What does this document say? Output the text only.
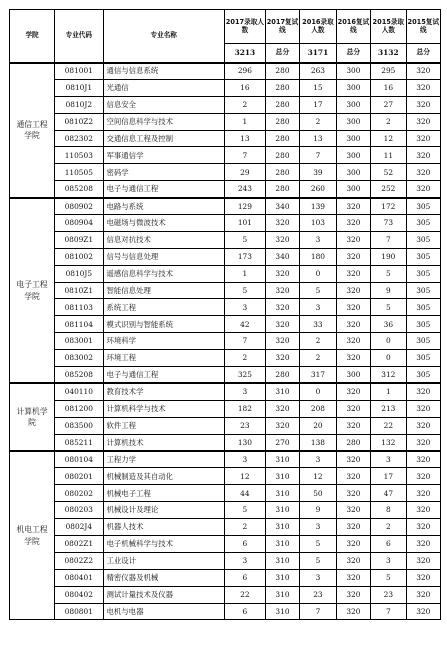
学院	专业代码	专业名称	2017录取人数	2017复试线	2016录取人数	2016复试线	2015录取人数	2015复试线
			3213	总分	3171	总分	3132	总分
通信工程学院	081001	通信与信息系统	296	280	263	300	295	320
	0810J1	光通信	16	280	15	300	16	320
	0810J2	信息安全	2	280	17	300	27	320
	0810Z2	空间信息科学与技术	1	280	2	300	2	320
	082302	交通信息工程及控制	13	280	13	300	12	320
	110503	军事通信学	7	280	7	300	11	320
	110505	密码学	29	280	39	300	52	320
	085208	电子与通信工程	243	280	260	300	252	320
电子工程学院	080902	电路与系统	129	340	139	320	172	305
	080904	电磁场与微波技术	101	320	103	320	73	305
	0809Z1	信息对抗技术	5	320	3	320	7	305
	081002	信号与信息处理	173	340	180	320	190	305
	0810J5	遥感信息科学与技术	1	320	0	320	5	305
	0810Z1	智能信息处理	5	320	5	320	9	305
	081103	系统工程	3	320	3	320	5	305
	081104	模式识别与智能系统	42	320	33	320	36	305
	083001	环境科学	7	320	2	320	0	305
	083002	环境工程	2	320	2	320	0	305
	085208	电子与通信工程	325	280	317	300	312	305
计算机学院	040110	教育技术学	3	310	0	320	1	320
	081200	计算机科学与技术	182	320	208	320	213	320
	083500	软件工程	23	320	20	320	22	320
	085211	计算机技术	130	270	138	280	132	320
机电工程学院	080104	工程力学	3	310	3	320	3	320
	080201	机械制造及其自动化	12	310	12	320	17	320
	080202	机械电子工程	44	310	50	320	47	320
	080203	机械设计及理论	5	310	9	320	8	320
	0802J4	机器人技术	2	310	3	320	2	320
	0802Z1	电子机械科学与技术	6	310	5	320	6	320
	0802Z2	工业设计	3	310	5	320	3	320
	080401	精密仪器及机械	6	310	3	320	5	320
	080402	测试计量技术及仪器	22	310	23	320	23	320
	080801	电机与电器	6	310	7	320	7	320
